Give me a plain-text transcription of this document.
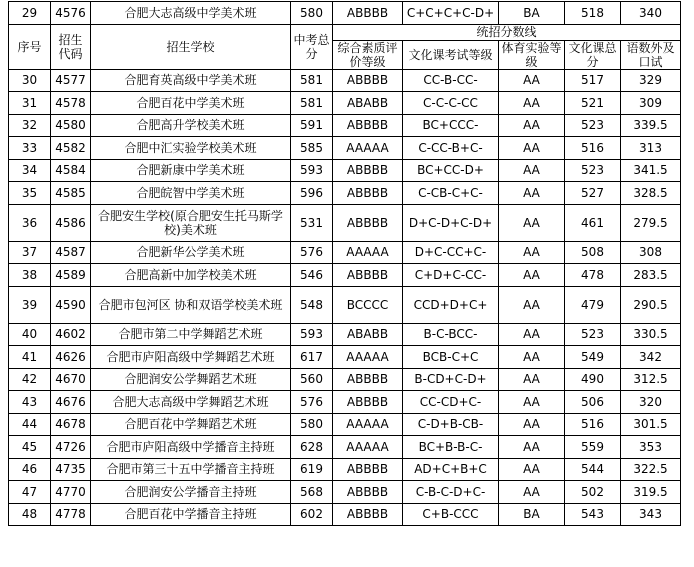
29	4576	合肥大志高级中学美术班	580	ABBBB	C+C+C+C-D+	BA	518	340
序号	招生代码	招生学校	中考总分	统招分数线				
				综合素质评价等级	文化课考试等级	体育实验等级	文化课总分	语数外及口试
30	4577	合肥育英高级中学美术班	581	ABBBB	CC-B-CC-	AA	517	329
31	4578	合肥百花中学美术班	581	ABABB	C-C-C-CC	AA	521	309
32	4580	合肥高升学校美术班	591	ABBBB	BC+CCC-	AA	523	339.5
33	4582	合肥中汇实验学校美术班	585	AAAAA	C-CC-B+C-	AA	516	313
34	4584	合肥新康中学美术班	593	ABBBB	BC+CC-D+	AA	523	341.5
35	4585	合肥皖智中学美术班	596	ABBBB	C-CB-C+C-	AA	527	328.5
36	4586	合肥安生学校(原合肥安生托马斯学校)美术班	531	ABBBB	D+C-D+C-D+	AA	461	279.5
37	4587	合肥新华公学美术班	576	AAAAA	D+C-CC+C-	AA	508	308
38	4589	合肥高新中加学校美术班	546	ABBBB	C+D+C-CC-	AA	478	283.5
39	4590	合肥市包河区 协和双语学校美术班	548	BCCCC	CCD+D+C+	AA	479	290.5
40	4602	合肥市第二中学舞蹈艺术班	593	ABABB	B-C-BCC-	AA	523	330.5
41	4626	合肥市庐阳高级中学舞蹈艺术班	617	AAAAA	BCB-C+C	AA	549	342
42	4670	合肥润安公学舞蹈艺术班	560	ABBBB	B-CD+C-D+	AA	490	312.5
43	4676	合肥大志高级中学舞蹈艺术班	576	ABBBB	CC-CD+C-	AA	506	320
44	4678	合肥百花中学舞蹈艺术班	580	AAAAA	C-D+B-CB-	AA	516	301.5
45	4726	合肥市庐阳高级中学播音主持班	628	AAAAA	BC+B-B-C-	AA	559	353
46	4735	合肥市第三十五中学播音主持班	619	ABBBB	AD+C+B+C	AA	544	322.5
47	4770	合肥润安公学播音主持班	568	ABBBB	C-B-C-D+C-	AA	502	319.5
48	4778	合肥百花中学播音主持班	602	ABBBB	C+B-CCC	BA	543	343
